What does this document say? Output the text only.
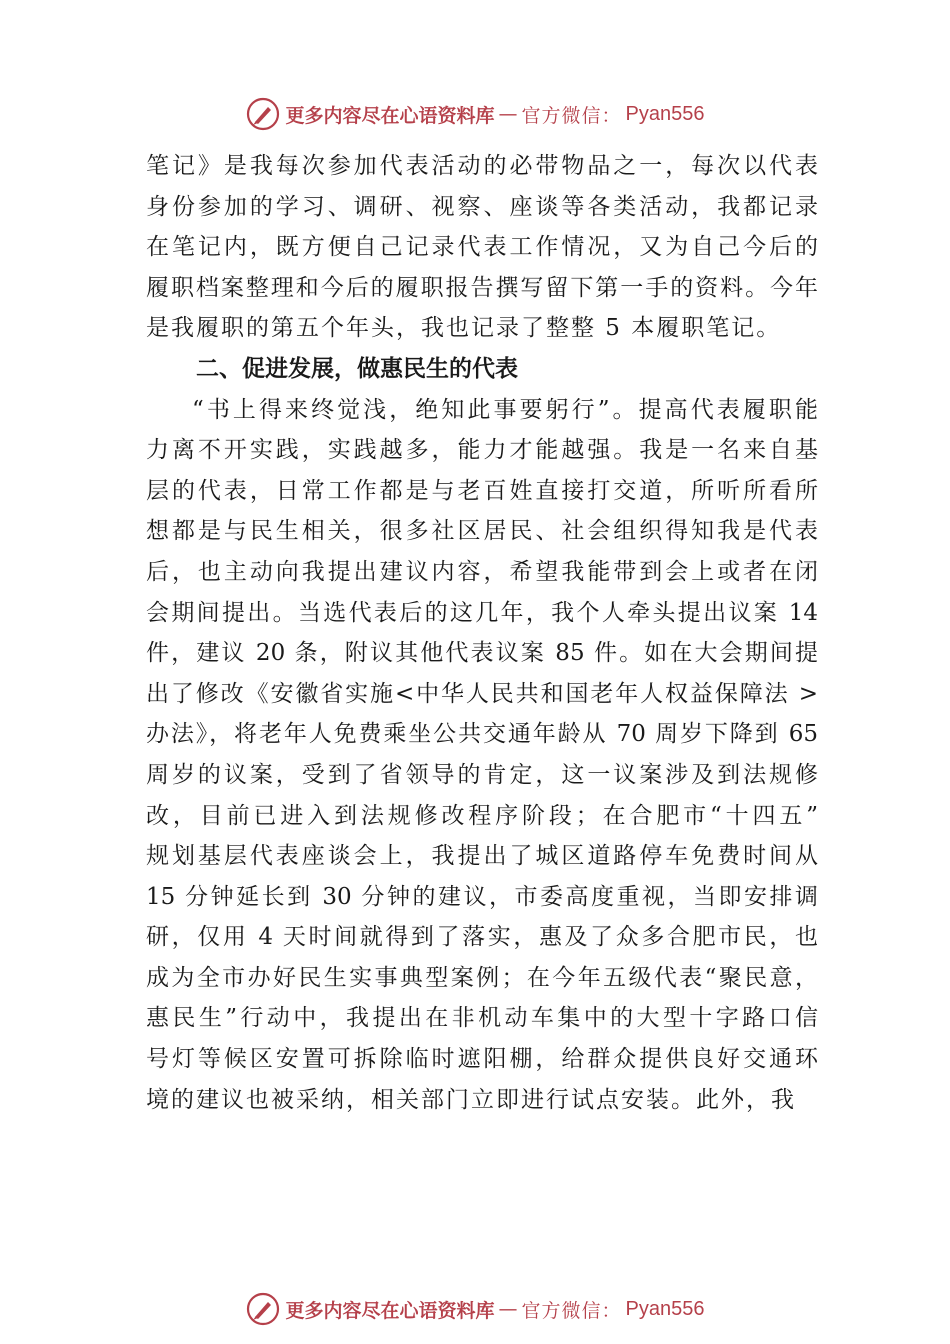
更多内容尽在心语资料库 — 官方微信： Pyan556
笔记》是我每次参加代表活动的必带物品之一，每次以代表
身份参加的学习、调研、视察、座谈等各类活动，我都记录
在笔记内，既方便自己记录代表工作情况，又为自己今后的
履职档案整理和今后的履职报告撰写留下第一手的资料。今年
是我履职的第五个年头，我也记录了整整 5 本履职笔记。
二、促进发展，做惠民生的代表
“书上得来终觉浅，绝知此事要躬行”。提高代表履职能
力离不开实践，实践越多，能力才能越强。我是一名来自基
层的代表，日常工作都是与老百姓直接打交道，所听所看所
想都是与民生相关，很多社区居民、社会组织得知我是代表
后，也主动向我提出建议内容，希望我能带到会上或者在闭
会期间提出。当选代表后的这几年，我个人牵头提出议案 14
件，建议 20 条，附议其他代表议案 85 件。如在大会期间提
出了修改《安徽省实施<中华人民共和国老年人权益保障法 >
办法》，将老年人免费乘坐公共交通年龄从 70 周岁下降到 65
周岁的议案，受到了省领导的肯定，这一议案涉及到法规修
改，目前已进入到法规修改程序阶段；在合肥市“十四五”
规划基层代表座谈会上，我提出了城区道路停车免费时间从
15 分钟延长到 30 分钟的建议，市委高度重视，当即安排调
研，仅用 4 天时间就得到了落实，惠及了众多合肥市民，也
成为全市办好民生实事典型案例；在今年五级代表“聚民意，
惠民生”行动中，我提出在非机动车集中的大型十字路口信
号灯等候区安置可拆除临时遮阳棚，给群众提供良好交通环
境的建议也被采纳，相关部门立即进行试点安装。此外，我
更多内容尽在心语资料库 — 官方微信： Pyan556
